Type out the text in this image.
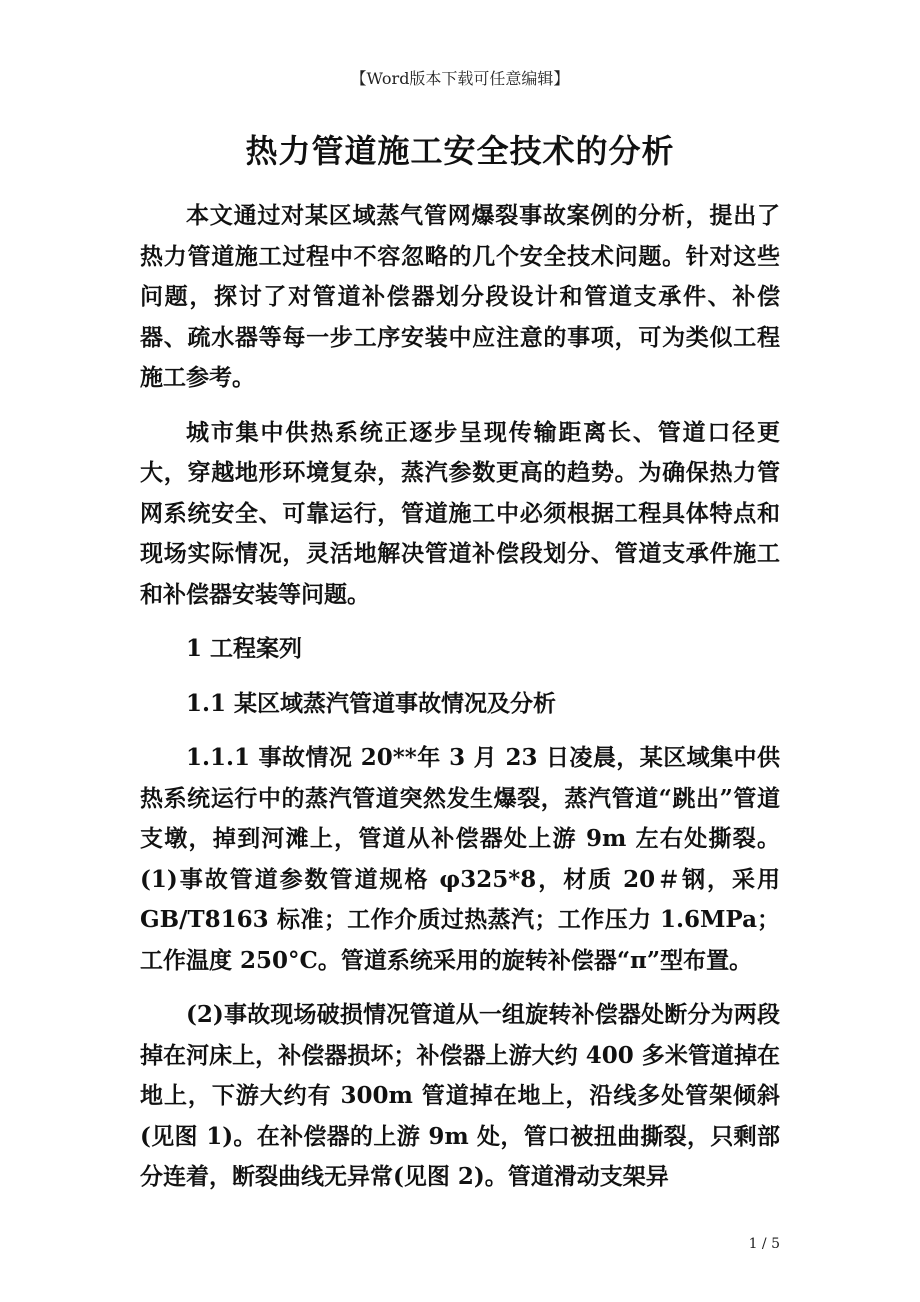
【Word版本下载可任意编辑】
热力管道施工安全技术的分析

本文通过对某区域蒸气管网爆裂事故案例的分析，提出了热力管道施工过程中不容忽略的几个安全技术问题。针对这些问题，探讨了对管道补偿器划分段设计和管道支承件、补偿器、疏水器等每一步工序安装中应注意的事项，可为类似工程施工参考。

城市集中供热系统正逐步呈现传输距离长、管道口径更大，穿越地形环境复杂，蒸汽参数更高的趋势。为确保热力管网系统安全、可靠运行，管道施工中必须根据工程具体特点和现场实际情况，灵活地解决管道补偿段划分、管道支承件施工和补偿器安装等问题。

1 工程案列

1.1 某区域蒸汽管道事故情况及分析

1.1.1 事故情况 20**年 3 月 23 日凌晨，某区域集中供热系统运行中的蒸汽管道突然发生爆裂，蒸汽管道“跳出”管道支墩，掉到河滩上，管道从补偿器处上游 9m 左右处撕裂。(1)事故管道参数管道规格 φ325*8，材质 20＃钢，采用 GB/T8163 标准；工作介质过热蒸汽；工作压力 1.6MPa；工作温度 250°C。管道系统采用的旋转补偿器“π”型布置。

(2)事故现场破损情况管道从一组旋转补偿器处断分为两段掉在河床上，补偿器损坏；补偿器上游大约 400 多米管道掉在地上，下游大约有 300m 管道掉在地上，沿线多处管架倾斜(见图 1)。在补偿器的上游 9m 处，管口被扭曲撕裂，只剩部分连着，断裂曲线无异常(见图 2)。管道滑动支架异

1 / 5
